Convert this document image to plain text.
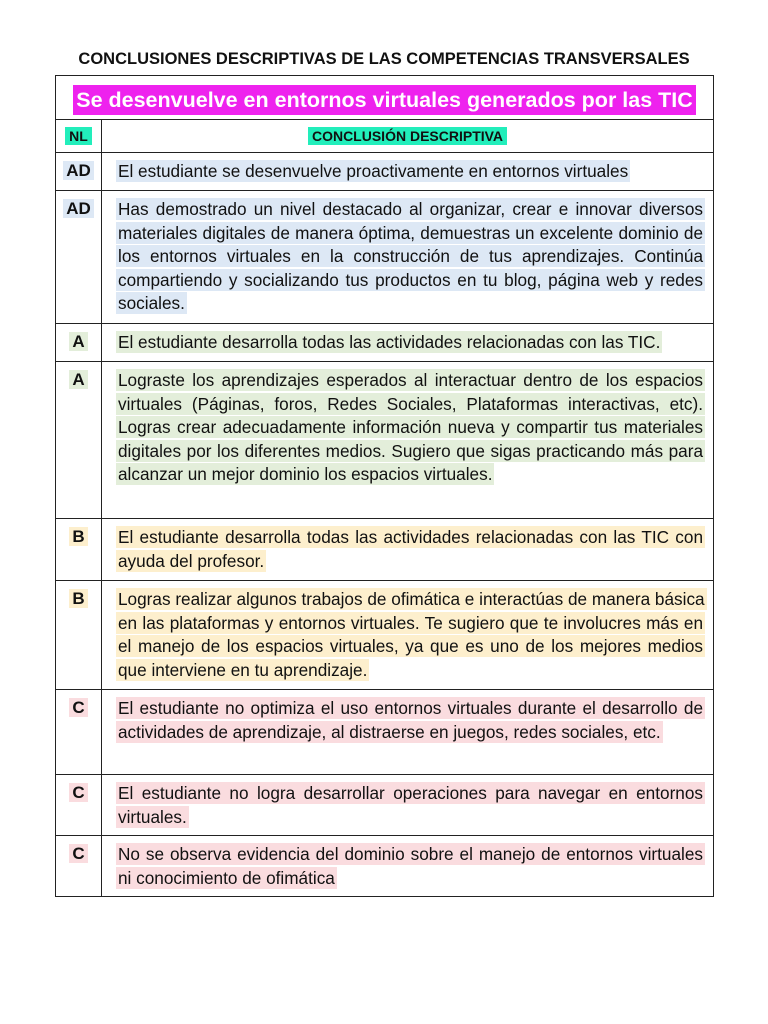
CONCLUSIONES DESCRIPTIVAS DE LAS COMPETENCIAS TRANSVERSALES
Se desenvuelve en entornos virtuales generados por las TIC	
NL	CONCLUSIÓN DESCRIPTIVA
AD	El estudiante se desenvuelve proactivamente en entornos virtuales

AD	Has demostrado un nivel destacado al organizar, crear e innovar diversos materiales digitales de manera óptima, demuestras un excelente dominio de los entornos virtuales en la construcción de tus aprendizajes. Continúa compartiendo y socializando tus productos en tu blog, página web y redes sociales.

A	El estudiante desarrolla todas las actividades relacionadas con las TIC.

A	Lograste los aprendizajes esperados al interactuar dentro de los espacios virtuales (Páginas, foros, Redes Sociales, Plataformas interactivas, etc). Logras crear adecuadamente información nueva y compartir tus materiales digitales por los diferentes medios. Sugiero que sigas practicando más para alcanzar un mejor dominio los espacios virtuales.

B	El estudiante desarrolla todas las actividades relacionadas con las TIC con ayuda del profesor.

B	Logras realizar algunos trabajos de ofimática e interactúas de manera básica en las plataformas y entornos virtuales. Te sugiero que te involucres más en el manejo de los espacios virtuales, ya que es uno de los mejores medios que interviene en tu aprendizaje.

C	El estudiante no optimiza el uso entornos virtuales durante el desarrollo de actividades de aprendizaje, al distraerse en juegos, redes sociales, etc.

C	El estudiante no logra desarrollar operaciones para navegar en entornos virtuales.

C	No se observa evidencia del dominio sobre el manejo de entornos virtuales ni conocimiento de ofimática
